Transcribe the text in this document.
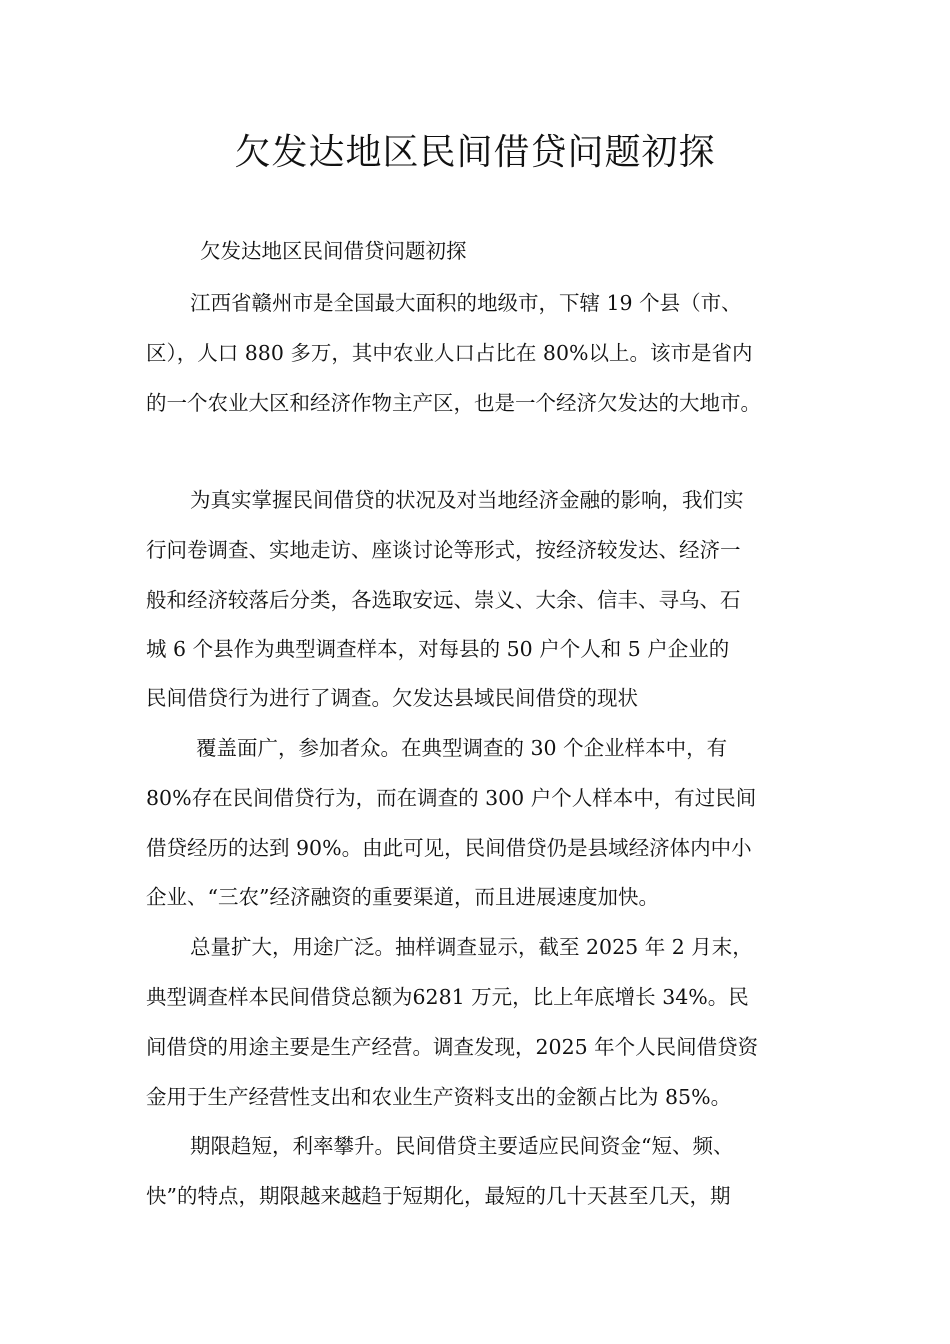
欠发达地区民间借贷问题初探
欠发达地区民间借贷问题初探
江西省赣州市是全国最大面积的地级市，下辖 19 个县（市、
区），人口 880 多万，其中农业人口占比在 80%以上。该市是省内
的一个农业大区和经济作物主产区，也是一个经济欠发达的大地市。
为真实掌握民间借贷的状况及对当地经济金融的影响，我们实
行问卷调查、实地走访、座谈讨论等形式，按经济较发达、经济一
般和经济较落后分类，各选取安远、崇义、大余、信丰、寻乌、石
城 6 个县作为典型调查样本，对每县的 50 户个人和 5 户企业的
民间借贷行为进行了调查。欠发达县域民间借贷的现状
覆盖面广，参加者众。在典型调查的 30 个企业样本中，有
80%存在民间借贷行为，而在调查的 300 户个人样本中，有过民间
借贷经历的达到 90%。由此可见，民间借贷仍是县域经济体内中小
企业、“三农”经济融资的重要渠道，而且进展速度加快。
总量扩大，用途广泛。抽样调查显示，截至 2025 年 2 月末，
典型调查样本民间借贷总额为6281 万元，比上年底增长 34%。民
间借贷的用途主要是生产经营。调查发现，2025 年个人民间借贷资
金用于生产经营性支出和农业生产资料支出的金额占比为 85%。
期限趋短，利率攀升。民间借贷主要适应民间资金“短、频、
快”的特点，期限越来越趋于短期化，最短的几十天甚至几天，期
